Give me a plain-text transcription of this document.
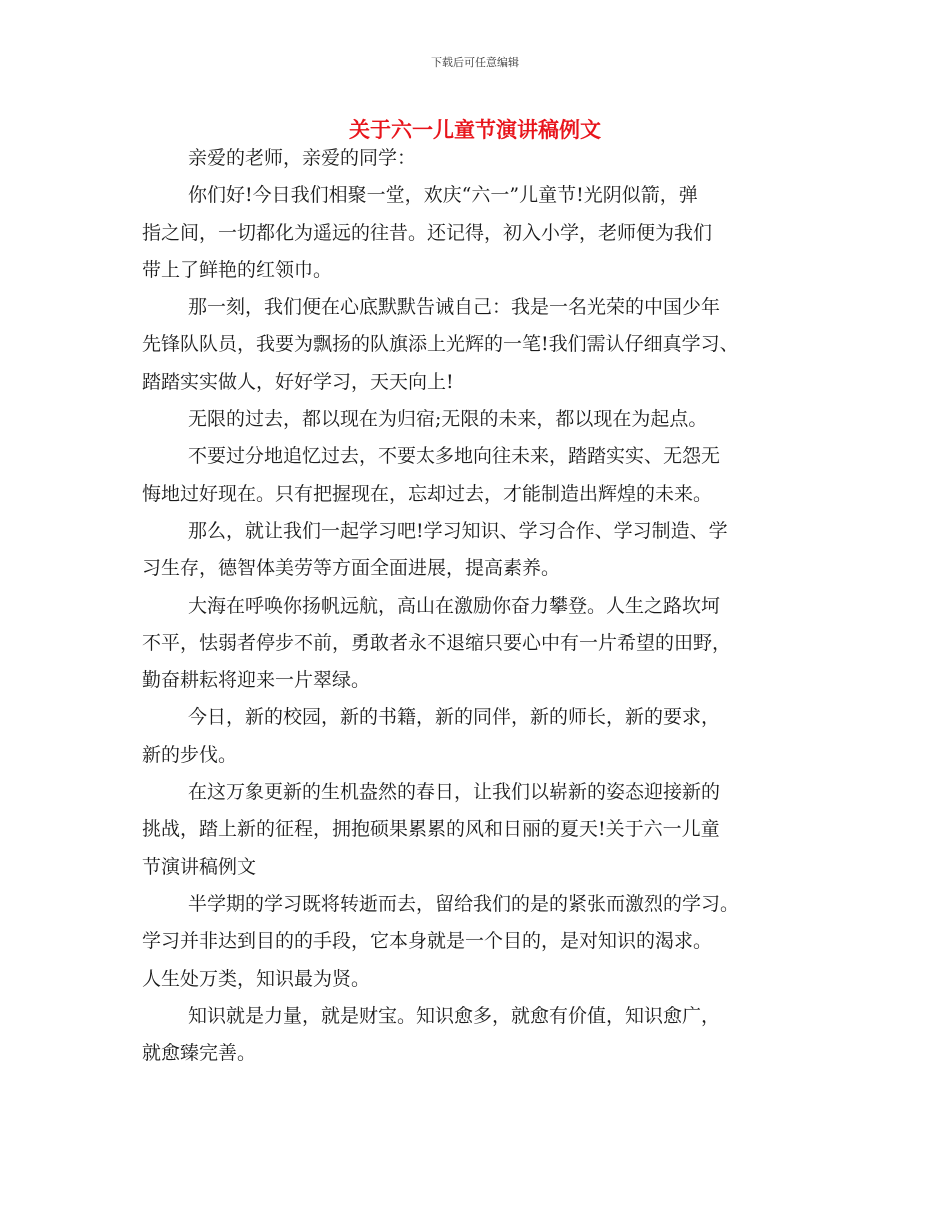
下载后可任意编辑
关于六一儿童节演讲稿例文
亲爱的老师，亲爱的同学：
你们好!今日我们相聚一堂，欢庆“六一”儿童节!光阴似箭，弹
指之间，一切都化为遥远的往昔。还记得，初入小学，老师便为我们
带上了鲜艳的红领巾。
那一刻，我们便在心底默默告诫自己：我是一名光荣的中国少年
先锋队队员，我要为飘扬的队旗添上光辉的一笔!我们需认仔细真学习、
踏踏实实做人，好好学习，天天向上!
无限的过去，都以现在为归宿;无限的未来，都以现在为起点。
不要过分地追忆过去，不要太多地向往未来，踏踏实实、无怨无
悔地过好现在。只有把握现在，忘却过去，才能制造出辉煌的未来。
那么，就让我们一起学习吧!学习知识、学习合作、学习制造、学
习生存，德智体美劳等方面全面进展，提高素养。
大海在呼唤你扬帆远航，高山在激励你奋力攀登。人生之路坎坷
不平，怯弱者停步不前，勇敢者永不退缩只要心中有一片希望的田野，
勤奋耕耘将迎来一片翠绿。
今日，新的校园，新的书籍，新的同伴，新的师长，新的要求，
新的步伐。
在这万象更新的生机盎然的春日，让我们以崭新的姿态迎接新的
挑战，踏上新的征程，拥抱硕果累累的风和日丽的夏天!关于六一儿童
节演讲稿例文
半学期的学习既将转逝而去，留给我们的是的紧张而激烈的学习。
学习并非达到目的的手段，它本身就是一个目的，是对知识的渴求。
人生处万类，知识最为贤。
知识就是力量，就是财宝。知识愈多，就愈有价值，知识愈广，
就愈臻完善。
